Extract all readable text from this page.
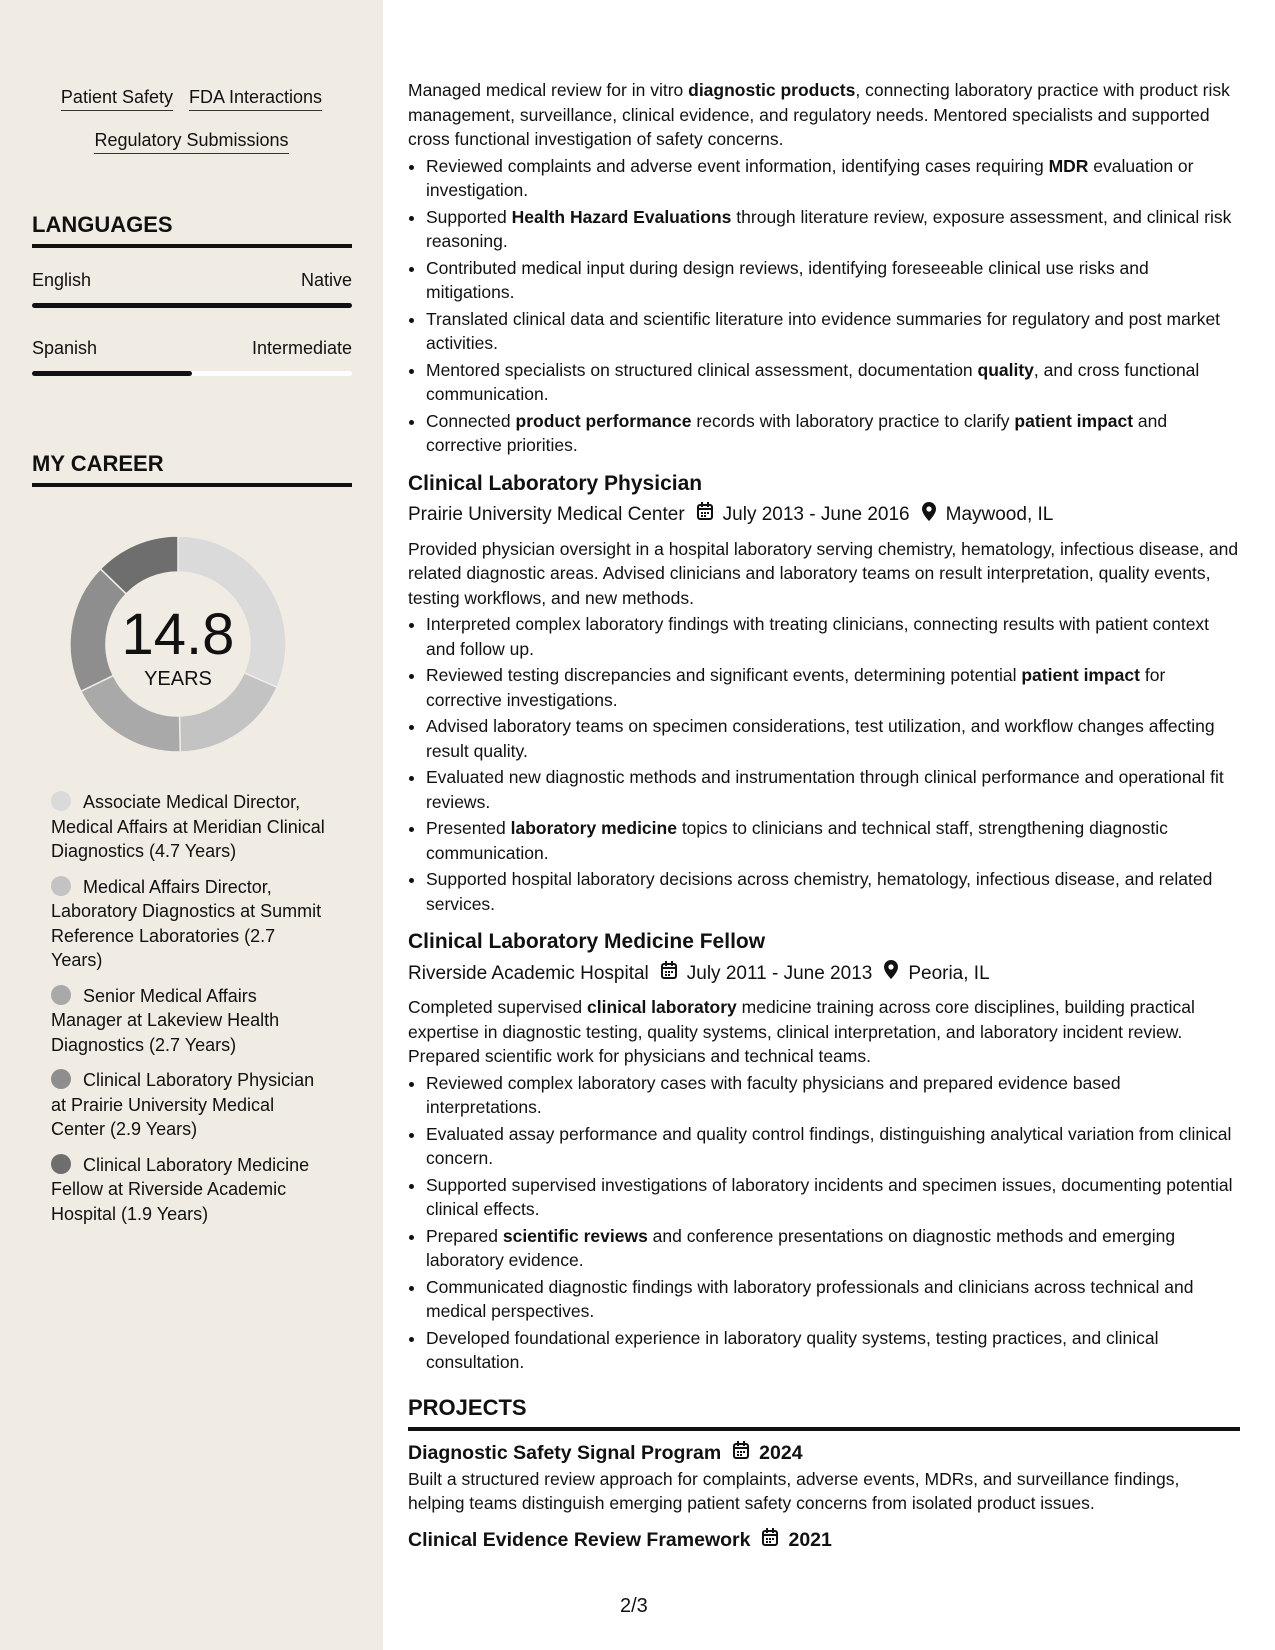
Patient Safety FDA Interactions
Regulatory Submissions
LANGUAGES
English	Native
Spanish	Intermediate
MY CAREER
14.8
YEARS
Associate Medical Director, Medical Affairs at Meridian Clinical Diagnostics (4.7 Years)
Medical Affairs Director, Laboratory Diagnostics at Summit Reference Laboratories (2.7 Years)
Senior Medical Affairs Manager at Lakeview Health Diagnostics (2.7 Years)
Clinical Laboratory Physician at Prairie University Medical Center (2.9 Years)
Clinical Laboratory Medicine Fellow at Riverside Academic Hospital (1.9 Years)

Managed medical review for in vitro diagnostic products, connecting laboratory practice with product risk management, surveillance, clinical evidence, and regulatory needs. Mentored specialists and supported cross functional investigation of safety concerns.

• Reviewed complaints and adverse event information, identifying cases requiring MDR evaluation or investigation.
• Supported Health Hazard Evaluations through literature review, exposure assessment, and clinical risk reasoning.
• Contributed medical input during design reviews, identifying foreseeable clinical use risks and mitigations.
• Translated clinical data and scientific literature into evidence summaries for regulatory and post market activities.
• Mentored specialists on structured clinical assessment, documentation quality, and cross functional communication.
• Connected product performance records with laboratory practice to clarify patient impact and corrective priorities.
Clinical Laboratory Physician
Prairie University Medical Center July 2013 - June 2016 Maywood, IL

Provided physician oversight in a hospital laboratory serving chemistry, hematology, infectious disease, and related diagnostic areas. Advised clinicians and laboratory teams on result interpretation, quality events, testing workflows, and new methods.

• Interpreted complex laboratory findings with treating clinicians, connecting results with patient context and follow up.
• Reviewed testing discrepancies and significant events, determining potential patient impact for corrective investigations.
• Advised laboratory teams on specimen considerations, test utilization, and workflow changes affecting result quality.
• Evaluated new diagnostic methods and instrumentation through clinical performance and operational fit reviews.
• Presented laboratory medicine topics to clinicians and technical staff, strengthening diagnostic communication.
• Supported hospital laboratory decisions across chemistry, hematology, infectious disease, and related services.
Clinical Laboratory Medicine Fellow
Riverside Academic Hospital July 2011 - June 2013 Peoria, IL

Completed supervised clinical laboratory medicine training across core disciplines, building practical expertise in diagnostic testing, quality systems, clinical interpretation, and laboratory incident review. Prepared scientific work for physicians and technical teams.

• Reviewed complex laboratory cases with faculty physicians and prepared evidence based interpretations.
• Evaluated assay performance and quality control findings, distinguishing analytical variation from clinical concern.
• Supported supervised investigations of laboratory incidents and specimen issues, documenting potential clinical effects.
• Prepared scientific reviews and conference presentations on diagnostic methods and emerging laboratory evidence.
• Communicated diagnostic findings with laboratory professionals and clinicians across technical and medical perspectives.
• Developed foundational experience in laboratory quality systems, testing practices, and clinical consultation.
PROJECTS
Diagnostic Safety Signal Program 2024

Built a structured review approach for complaints, adverse events, MDRs, and surveillance findings, helping teams distinguish emerging patient safety concerns from isolated product issues.

Clinical Evidence Review Framework 2021
2/3
